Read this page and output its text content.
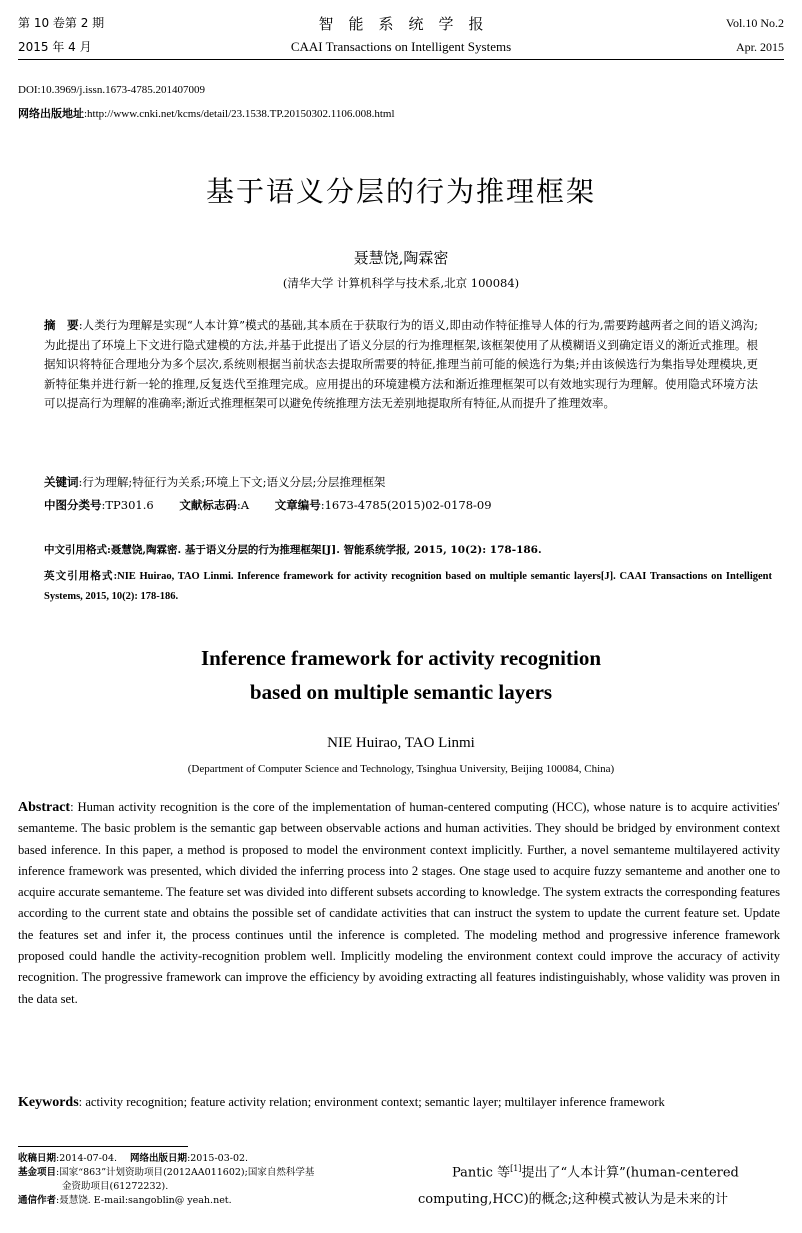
第 10 卷第 2 期
2015 年 4 月
智　能　系　统　学　报
CAAI Transactions on Intelligent Systems
Vol.10 No.2
Apr. 2015
DOI:10.3969/j.issn.1673-4785.201407009
网络出版地址:http://www.cnki.net/kcms/detail/23.1538.TP.20150302.1106.008.html
基于语义分层的行为推理框架
聂慧饶,陶霖密
(清华大学 计算机科学与技术系,北京 100084)
摘　要:人类行为理解是实现“人本计算”模式的基础,其本质在于获取行为的语义,即由动作特征推导人体的行为,需要跨越两者之间的语义鸿沟;为此提出了环境上下文进行隐式建模的方法,并基于此提出了语义分层的行为推理框架,该框架使用了从模糊语义到确定语义的渐近式推理。根据知识将特征合理地分为多个层次,系统则根据当前状态去提取所需要的特征,推理当前可能的候选行为集;并由该候选行为集指导处理模块,更新特征集并进行新一轮的推理,反复迭代至推理完成。应用提出的环境建模方法和渐近推理框架可以有效地实现行为理解。使用隐式环境方法可以提高行为理解的准确率;渐近式推理框架可以避免传统推理方法无差别地提取所有特征,从而提升了推理效率。
关键词:行为理解;特征行为关系;环境上下文;语义分层;分层推理框架
中图分类号:TP301.6 文献标志码:A 文章编号:1673-4785(2015)02-0178-09
中文引用格式:聂慧饶,陶霖密. 基于语义分层的行为推理框架[J]. 智能系统学报, 2015, 10(2): 178-186.
英文引用格式:NIE Huirao, TAO Linmi. Inference framework for activity recognition based on multiple semantic layers[J]. CAAI Transactions on Intelligent Systems, 2015, 10(2): 178-186.
Inference framework for activity recognition
based on multiple semantic layers
NIE Huirao, TAO Linmi
(Department of Computer Science and Technology, Tsinghua University, Beijing 100084, China)
Abstract: Human activity recognition is the core of the implementation of human-centered computing (HCC), whose nature is to acquire activities′ semanteme. The basic problem is the semantic gap between observable actions and human activities. They should be bridged by environment context based inference. In this paper, a method is proposed to model the environment context implicitly. Further, a novel semanteme multilayered activity inference framework was presented, which divided the inferring process into 2 stages. One stage used to acquire fuzzy semanteme and another one to acquire accurate semanteme. The feature set was divided into different subsets according to knowledge. The system extracts the corresponding features according to the current state and obtains the possible set of candidate activities that can instruct the system to update the current feature set. Update the features set and infer it, the process continues until the inference is completed. The modeling method and progressive inference framework proposed could handle the activity-recognition problem well. Implicitly modeling the environment context could improve the accuracy of activity recognition. The progressive framework can improve the efficiency by avoiding extracting all features indistinguishably, whose validity was proven in the data set.
Keywords: activity recognition; feature activity relation; environment context; semantic layer; multilayer inference framework
收稿日期:2014-07-04. 网络出版日期:2015-03-02.
基金项目:国家“863”计划资助项目(2012AA011602);国家自然科学基
金资助项目(61272232).
通信作者:聂慧饶. E-mail:sangoblin@ yeah.net.
Pantic 等[1]提出了“人本计算”(human-centered
computing,HCC)的概念;这种模式被认为是未来的计
